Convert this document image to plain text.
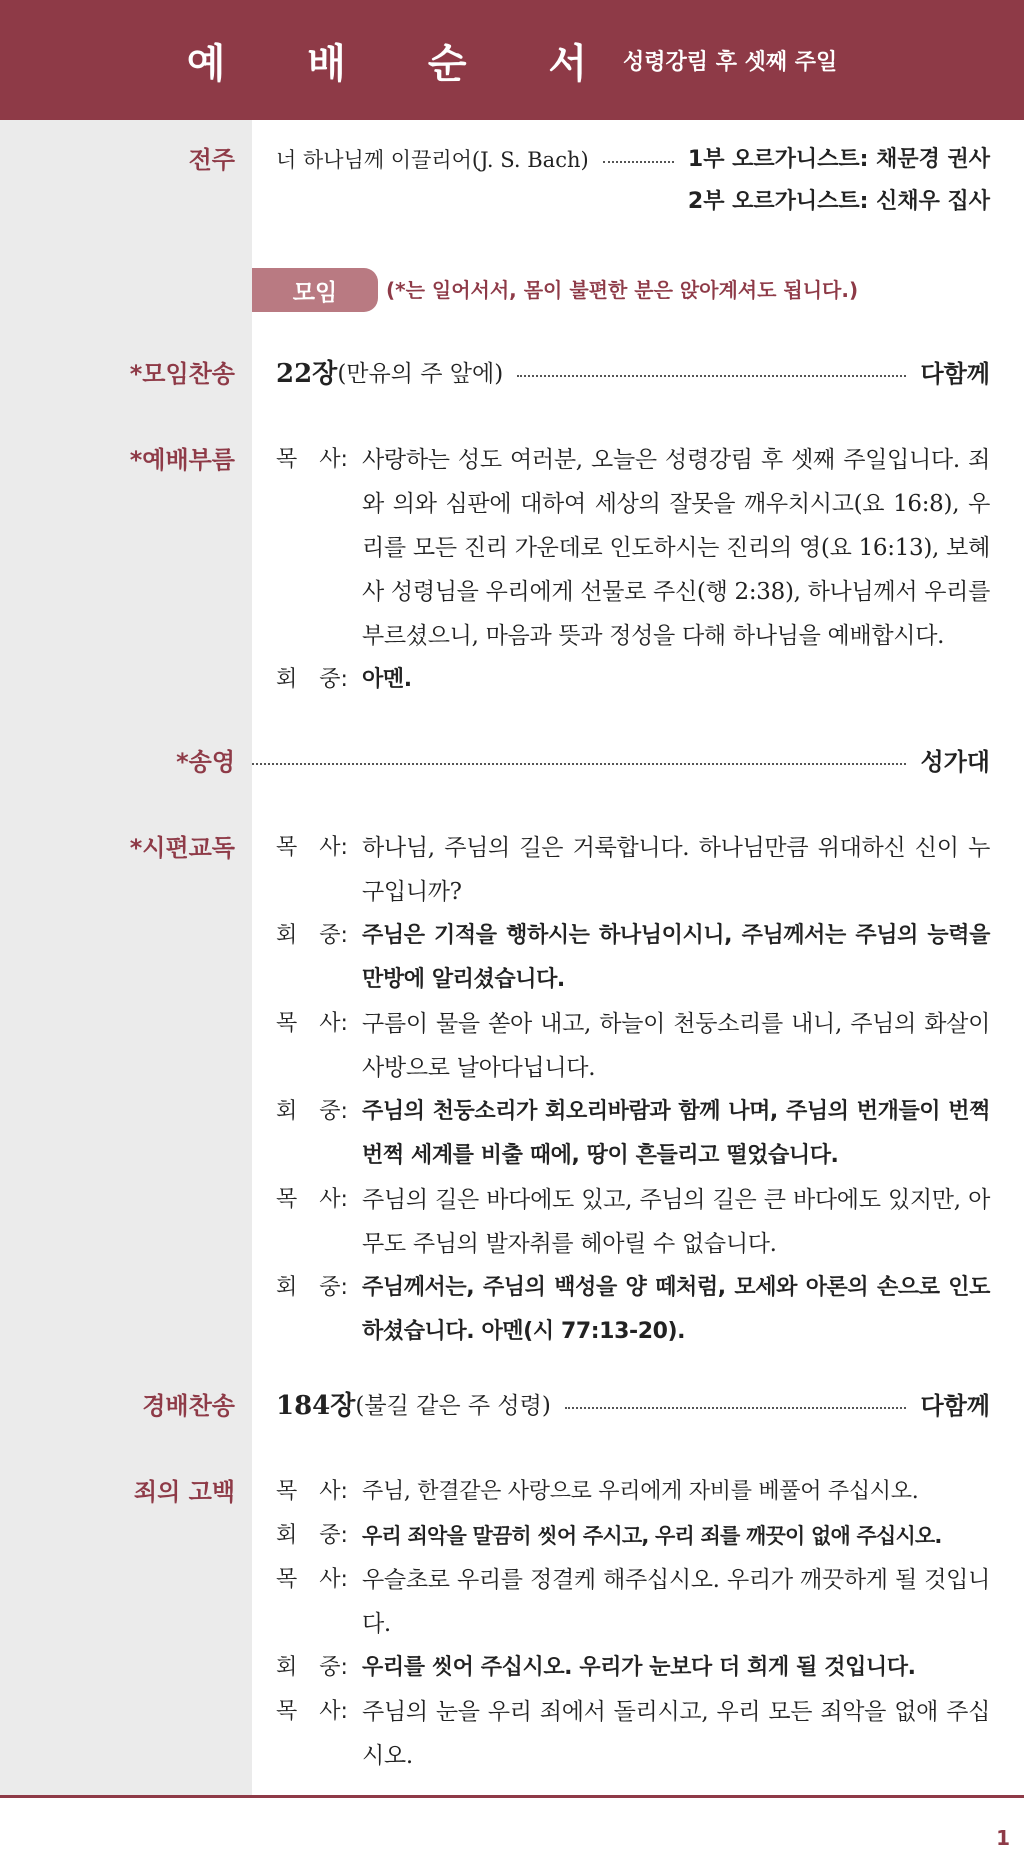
예 배 순 서 성령강림 후 셋째 주일
전주 너 하나님께 이끌리어(J. S. Bach)	1부 오르가니스트: 채문경 권사
2부 오르가니스트: 신채우 집사
모임	(*는 일어서서, 몸이 불편한 분은 앉아계셔도 됩니다.)
*모임찬송 22장 (만유의 주 앞에)	다함께
*예배부름 목　사: 사랑하는 성도 여러분, 오늘은 성령강림 후 셋째 주일입니다. 죄와 의와 심판에 대하여 세상의 잘못을 깨우치시고(요 16:8), 우리를 모든 진리 가운데로 인도하시는 진리의 영(요 16:13), 보혜사 성령님을 우리에게 선물로 주신(행 2:38), 하나님께서 우리를 부르셨으니, 마음과 뜻과 정성을 다해 하나님을 예배합시다.
회　중: 아멘.
*송영	성가대
*시편교독 목　사: 하나님, 주님의 길은 거룩합니다. 하나님만큼 위대하신 신이 누구입니까?
회　중: 주님은 기적을 행하시는 하나님이시니, 주님께서는 주님의 능력을 만방에 알리셨습니다.
목　사: 구름이 물을 쏟아 내고, 하늘이 천둥소리를 내니, 주님의 화살이 사방으로 날아다닙니다.
회　중: 주님의 천둥소리가 회오리바람과 함께 나며, 주님의 번개들이 번쩍번쩍 세계를 비출 때에, 땅이 흔들리고 떨었습니다.
목　사: 주님의 길은 바다에도 있고, 주님의 길은 큰 바다에도 있지만, 아무도 주님의 발자취를 헤아릴 수 없습니다.
회　중: 주님께서는, 주님의 백성을 양 떼처럼, 모세와 아론의 손으로 인도하셨습니다. 아멘(시 77:13-20).
경배찬송 184장 (불길 같은 주 성령)	다함께
죄의 고백 목　사: 주님, 한결같은 사랑으로 우리에게 자비를 베풀어 주십시오.
회　중: 우리 죄악을 말끔히 씻어 주시고, 우리 죄를 깨끗이 없애 주십시오.
목　사: 우슬초로 우리를 정결케 해주십시오. 우리가 깨끗하게 될 것입니다.
회　중: 우리를 씻어 주십시오. 우리가 눈보다 더 희게 될 것입니다.
목　사: 주님의 눈을 우리 죄에서 돌리시고, 우리 모든 죄악을 없애 주십시오.
1
